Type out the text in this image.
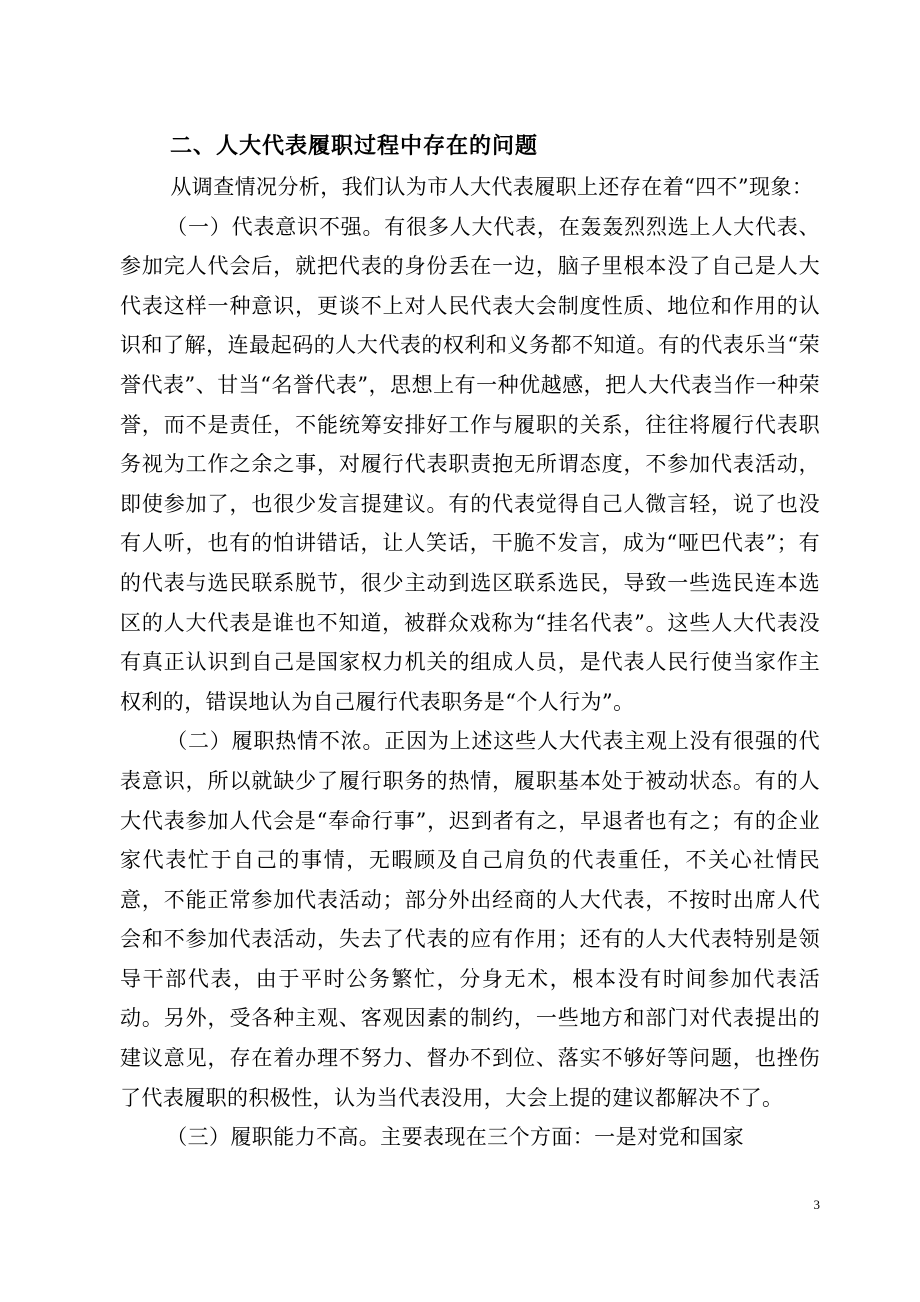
二、人大代表履职过程中存在的问题

从调查情况分析，我们认为市人大代表履职上还存在着“四不”现象：

（一）代表意识不强。有很多人大代表，在轰轰烈烈选上人大代表、参加完人代会后，就把代表的身份丢在一边，脑子里根本没了自己是人大代表这样一种意识，更谈不上对人民代表大会制度性质、地位和作用的认识和了解，连最起码的人大代表的权利和义务都不知道。有的代表乐当“荣誉代表”、甘当“名誉代表”，思想上有一种优越感，把人大代表当作一种荣誉，而不是责任，不能统筹安排好工作与履职的关系，往往将履行代表职务视为工作之余之事，对履行代表职责抱无所谓态度，不参加代表活动，即使参加了，也很少发言提建议。有的代表觉得自己人微言轻，说了也没有人听，也有的怕讲错话，让人笑话，干脆不发言，成为“哑巴代表”；有的代表与选民联系脱节，很少主动到选区联系选民，导致一些选民连本选区的人大代表是谁也不知道，被群众戏称为“挂名代表”。这些人大代表没有真正认识到自己是国家权力机关的组成人员，是代表人民行使当家作主权利的，错误地认为自己履行代表职务是“个人行为”。

（二）履职热情不浓。正因为上述这些人大代表主观上没有很强的代表意识，所以就缺少了履行职务的热情，履职基本处于被动状态。有的人大代表参加人代会是“奉命行事”，迟到者有之，早退者也有之；有的企业家代表忙于自己的事情，无暇顾及自己肩负的代表重任，不关心社情民意，不能正常参加代表活动；部分外出经商的人大代表，不按时出席人代会和不参加代表活动，失去了代表的应有作用；还有的人大代表特别是领导干部代表，由于平时公务繁忙，分身无术，根本没有时间参加代表活动。另外，受各种主观、客观因素的制约，一些地方和部门对代表提出的建议意见，存在着办理不努力、督办不到位、落实不够好等问题，也挫伤了代表履职的积极性，认为当代表没用，大会上提的建议都解决不了。

（三）履职能力不高。主要表现在三个方面：一是对党和国家

3
